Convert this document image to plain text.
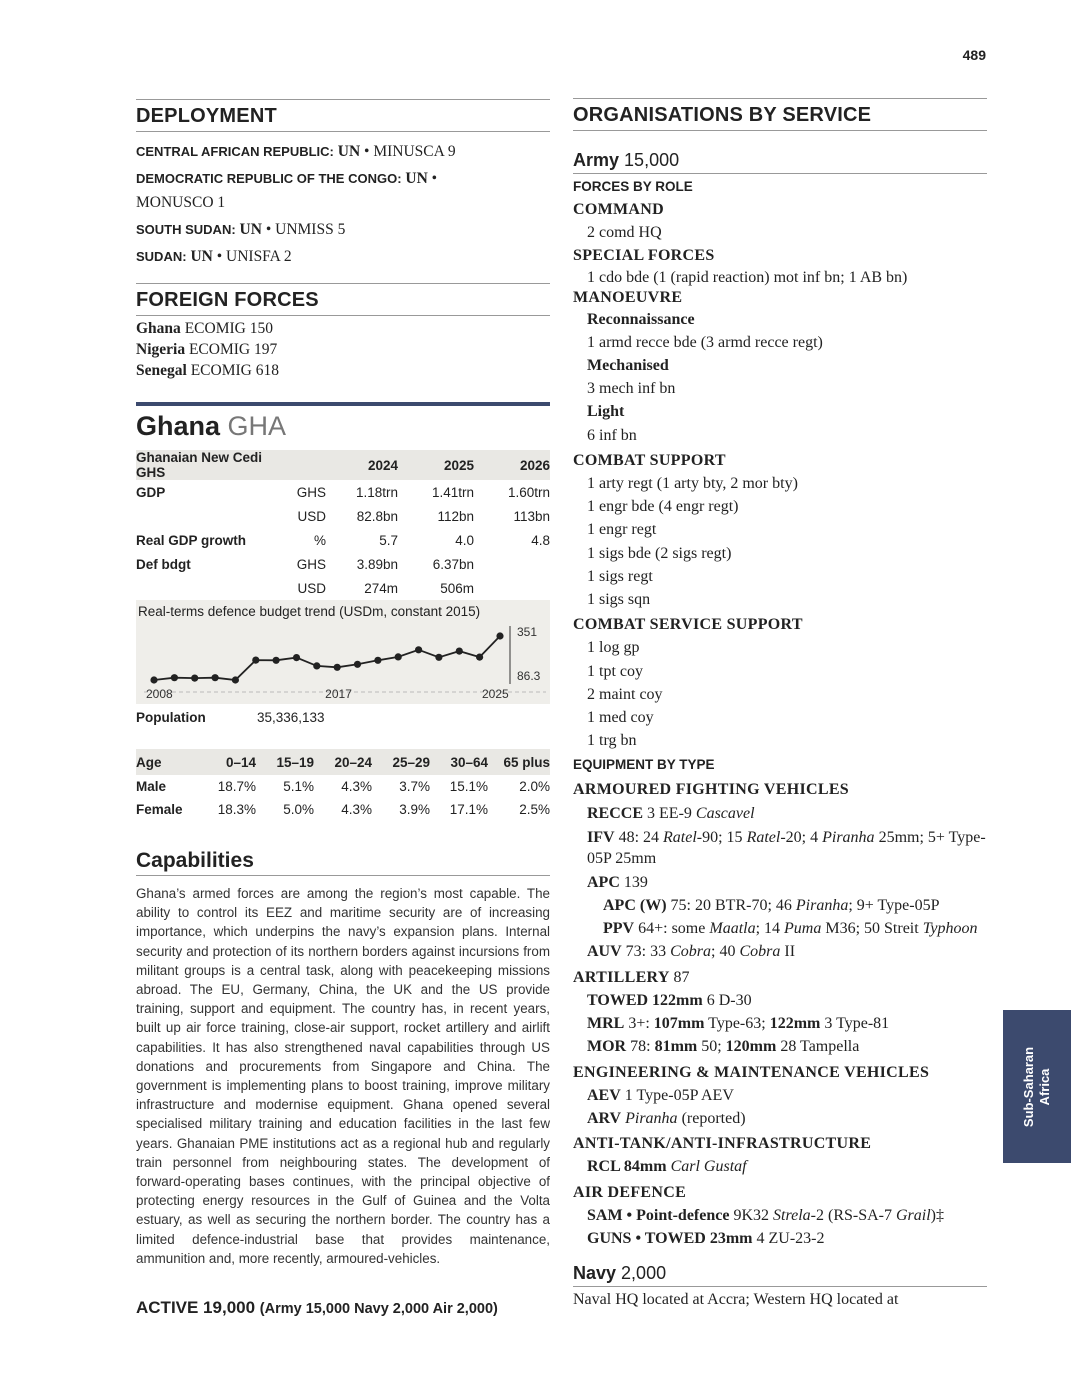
489
DEPLOYMENT
CENTRAL AFRICAN REPUBLIC: UN • MINUSCA 9
DEMOCRATIC REPUBLIC OF THE CONGO: UN •
MONUSCO 1
SOUTH SUDAN: UN • UNMISS 5
SUDAN: UN • UNISFA 2
FOREIGN FORCES
Ghana ECOMIG 150
Nigeria ECOMIG 197
Senegal ECOMIG 618
Ghana GHA
Ghanaian New Cedi GHS		2024	2025	2026
GDP	GHS	1.18trn	1.41trn	1.60trn
	USD	82.8bn	112bn	113bn
Real GDP growth	%	5.7	4.0	4.8
Def bdgt	GHS	3.89bn	6.37bn	
	USD	274m	506m	
Real-terms defence budget trend (USDm, constant 2015)
351
86.3
2008	2017	2025
Population	35,336,133
Age	0–14	15–19	20–24	25–29	30–64	65 plus
Male	18.7%	5.1%	4.3%	3.7%	15.1%	2.0%
Female	18.3%	5.0%	4.3%	3.9%	17.1%	2.5%
Capabilities
Ghana’s armed forces are among the region’s most capable. The ability to control its EEZ and maritime security are of increasing importance, which underpins the navy’s expansion plans. Internal security and protection of its northern borders against incursions from militant groups is a central task, along with peacekeeping missions abroad. The EU, Germany, China, the UK and the US provide training, support and equipment. The country has, in recent years, built up air force training, close-air support, rocket artillery and airlift capabilities. It has also strengthened naval capabilities through US donations and procurements from Singapore and China. The government is implementing plans to boost training, improve military infrastructure and modernise equipment. Ghana opened several specialised military training and education facilities in the last few years. Ghanaian PME institutions act as a regional hub and regularly train personnel from neighbouring states. The development of forward-operating bases continues, with the principal objective of protecting energy resources in the Gulf of Guinea and the Volta estuary, as well as securing the northern border. The country has a limited defence-industrial base that provides maintenance, ammunition and, more recently, armoured-vehicles.
ACTIVE 19,000 (Army 15,000 Navy 2,000 Air 2,000)
ORGANISATIONS BY SERVICE
Army 15,000
FORCES BY ROLE
COMMAND
2 comd HQ
SPECIAL FORCES
1 cdo bde (1 (rapid reaction) mot inf bn; 1 AB bn)
MANOEUVRE
Reconnaissance
1 armd recce bde (3 armd recce regt)
Mechanised
3 mech inf bn
Light
6 inf bn
COMBAT SUPPORT
1 arty regt (1 arty bty, 2 mor bty)
1 engr bde (4 engr regt)
1 engr regt
1 sigs bde (2 sigs regt)
1 sigs regt
1 sigs sqn
COMBAT SERVICE SUPPORT
1 log gp
1 tpt coy
2 maint coy
1 med coy
1 trg bn
EQUIPMENT BY TYPE
ARMOURED FIGHTING VEHICLES
RECCE 3 EE-9 Cascavel
IFV 48: 24 Ratel-90; 15 Ratel-20; 4 Piranha 25mm; 5+ Type-05P 25mm
APC 139
APC (W) 75: 20 BTR-70; 46 Piranha; 9+ Type-05P
PPV 64+: some Maatla; 14 Puma M36; 50 Streit Typhoon
AUV 73: 33 Cobra; 40 Cobra II
ARTILLERY 87
TOWED 122mm 6 D-30
MRL 3+: 107mm Type-63; 122mm 3 Type-81
MOR 78: 81mm 50; 120mm 28 Tampella
ENGINEERING & MAINTENANCE VEHICLES
AEV 1 Type-05P AEV
ARV Piranha (reported)
ANTI-TANK/ANTI-INFRASTRUCTURE
RCL 84mm Carl Gustaf
AIR DEFENCE
SAM • Point-defence 9K32 Strela-2 (RS-SA-7 Grail)‡
GUNS • TOWED 23mm 4 ZU-23-2
Navy 2,000
Naval HQ located at Accra; Western HQ located at
Sub-Saharan
Africa
